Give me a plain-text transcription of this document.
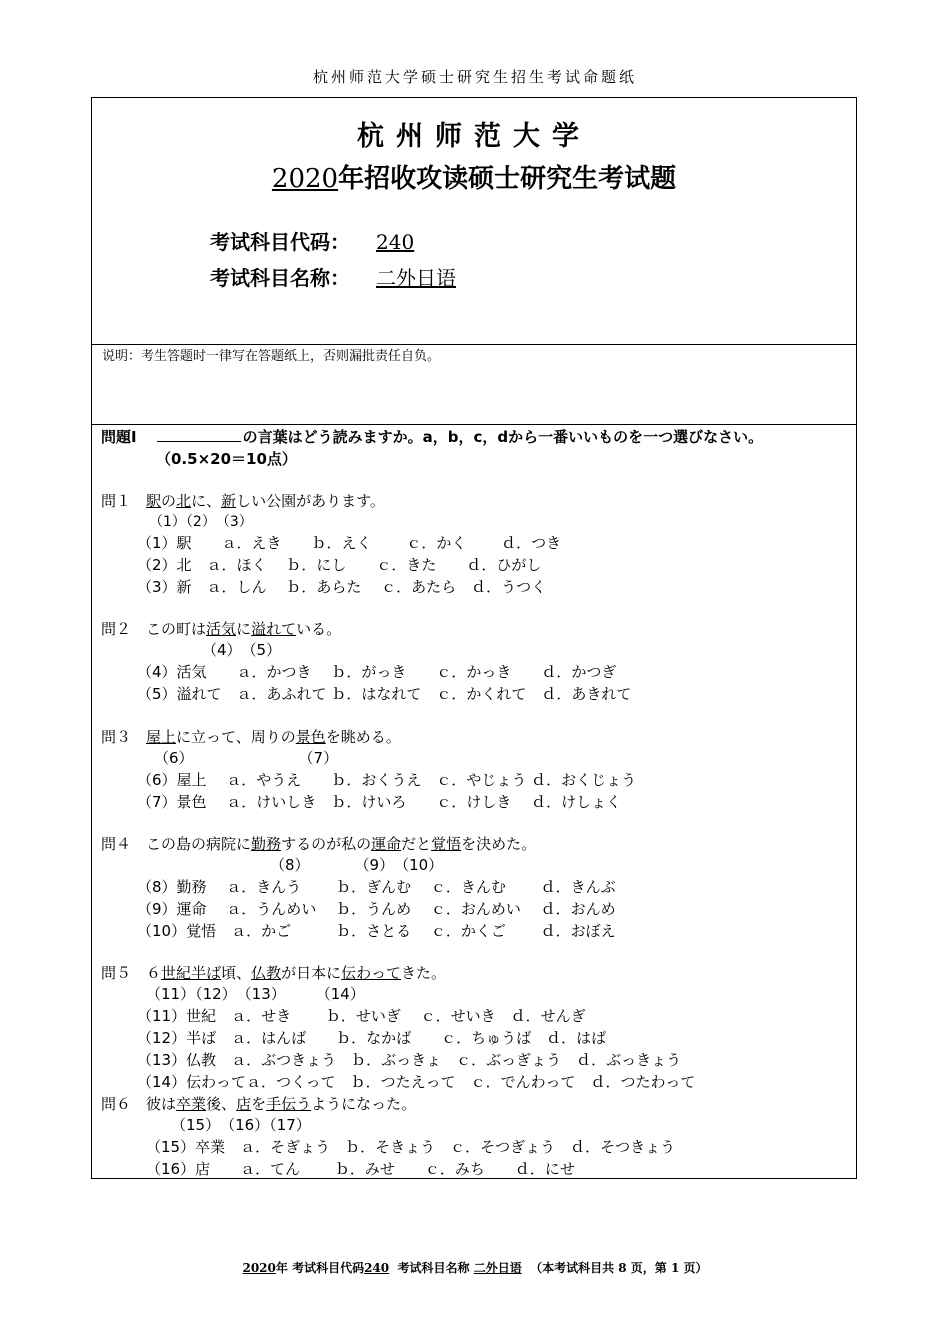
杭州师范大学硕士研究生招生考试命题纸
杭州师范大学
2020年招收攻读硕士研究生考试题
考试科目代码： 240
考试科目名称： 二外日语
说明：考生答题时一律写在答题纸上，否则漏批责任自负。
問題Ⅰ	の言葉はどう読みますか。a，b，c，dから一番いいものを一つ選びなさい。
（0.5×20＝10点）
問１　 駅の北に、新しい公園があります。
（1）（2）　（3）
（1）駅　　ａ．えき　　ｂ．えく　　 ｃ．かく　　 ｄ．つき
（2）北　ａ．ほく　 ｂ．にし　　ｃ．きた　　ｄ．ひがし
（3）新　ａ．しん　 ｂ．あらた　 ｃ．あたら　ｄ．うつく
問２　 この町は活気に溢れている。
（4）　（5）
（4）活気　　ａ．かつき　 ｂ．がっき　　ｃ．かっき　　ｄ．かつぎ
（5）溢れて　ａ．あふれて ｂ．はなれて　ｃ．かくれて　ｄ．あきれて
問３　 屋上に立って、周りの景色を眺める。
（6）　　　　　　　　（7）
（6）屋上　 ａ．やうえ　　ｂ．おくうえ　ｃ．やじょう ｄ．おくじょう
（7）景色　 ａ．けいしき　ｂ．けいろ　　ｃ．けしき　 ｄ．けしょく
問４　 この島の病院に勤務するのが私の運命だと覚悟を決めた。
（8）　　　　（9）　（10）
（8）勤務　 ａ．きんう　　 ｂ．ぎんむ　 ｃ．きんむ　　 ｄ．きんぶ
（9）運命　 ａ．うんめい　 ｂ．うんめ　 ｃ．おんめい　 ｄ．おんめ
（10）覚悟　ａ．かご　　　ｂ．さとる　 ｃ．かくご　　 ｄ．おぼえ
問５　 ６世紀半ば頃、仏教が日本に伝わってきた。
（11）（12）　（13）　　　（14）
（11）世紀　ａ．せき　　 ｂ．せいぎ　 ｃ．せいき　ｄ．せんぎ
（12）半ば　ａ．はんば　　ｂ．なかば　　ｃ．ちゅうば　ｄ．はば
（13）仏教　ａ．ぶつきょう　ｂ．ぶっきょ　ｃ．ぶっぎょう　ｄ．ぶっきょう
（14）伝わってａ．つくって　ｂ．つたえって　ｃ．でんわって　ｄ．つたわって
問６　 彼は卒業後、店を手伝うようになった。
（15）　（16）（17）
（15）卒業　ａ．そぎょう　ｂ．そきょう　ｃ．そつぎょう　ｄ．そつきょう
（16）店　　ａ．てん　　 ｂ．みせ　　ｃ．みち　　ｄ．にせ
2020年 考试科目代码240 考试科目名称 二外日语 （本考试科目共 8 页，第 1 页）
